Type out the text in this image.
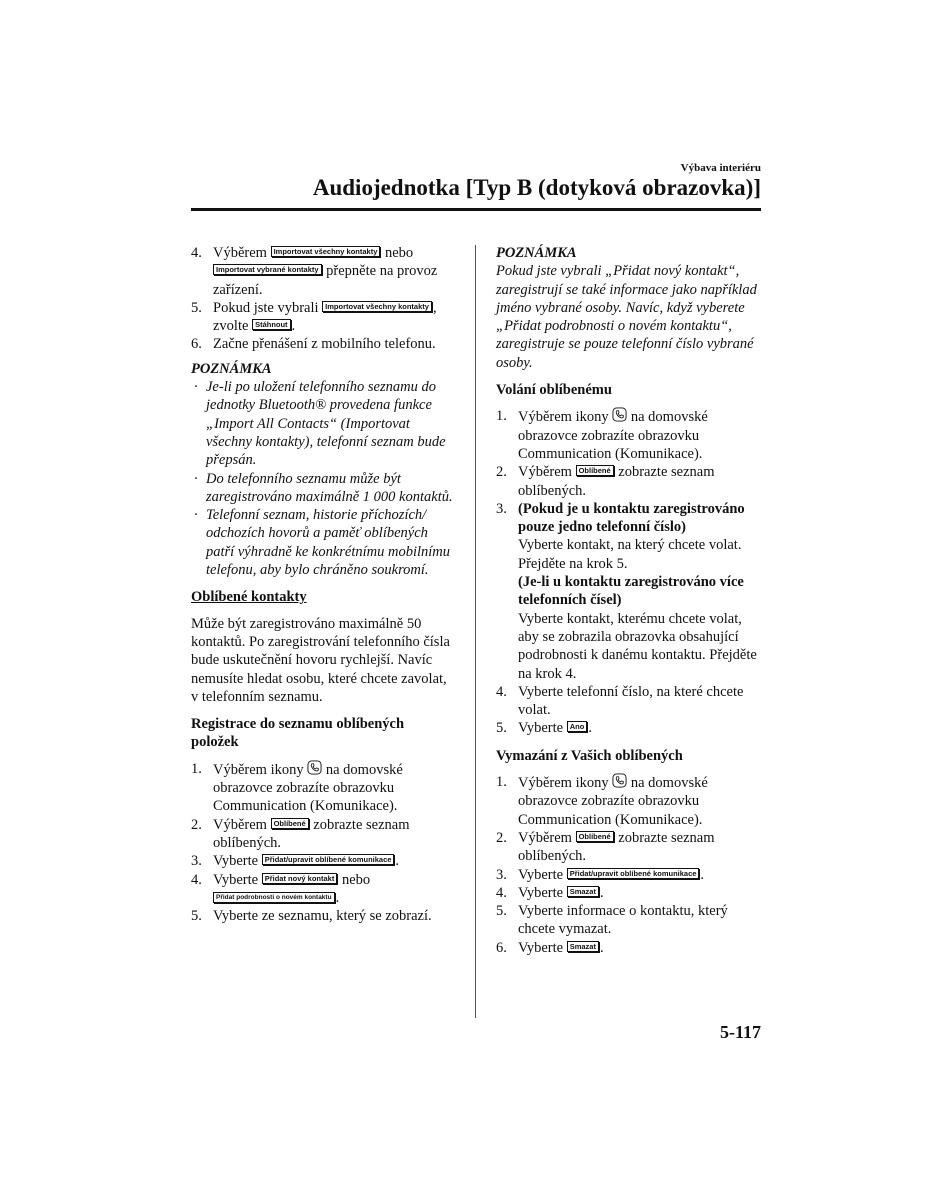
Výbava interiéru
Audiojednotka [Typ B (dotyková obrazovka)]
4. Výběrem Importovat všechny kontakty nebo
Importovat vybrané kontakty přepněte na provoz zařízení.
5. Pokud jste vybrali Importovat všechny kontakty , zvolte Stáhnout .
6. Začne přenášení z mobilního telefonu.
POZNÁMKA
· Je-li po uložení telefonního seznamu do jednotky Bluetooth® provedena funkce „Import All Contacts“ (Importovat všechny kontakty), telefonní seznam bude přepsán.
· Do telefonního seznamu může být zaregistrováno maximálně 1 000 kontaktů.
· Telefonní seznam, historie příchozích/ odchozích hovorů a paměť oblíbených patří výhradně ke konkrétnímu mobilnímu telefonu, aby bylo chráněno soukromí.
Oblíbené kontakty
Může být zaregistrováno maximálně 50 kontaktů. Po zaregistrování telefonního čísla bude uskutečnění hovoru rychlejší. Navíc nemusíte hledat osobu, které chcete zavolat, v telefonním seznamu.
Registrace do seznamu oblíbených položek
1. Výběrem ikony  na domovské obrazovce zobrazíte obrazovku Communication (Komunikace).
2. Výběrem Oblíbené zobrazte seznam oblíbených.
3. Vyberte Přidat/upravit oblíbené komunikace .
4. Vyberte Přidat nový kontakt nebo
Přidat podrobnosti o novém kontaktu .
5. Vyberte ze seznamu, který se zobrazí.
POZNÁMKA
Pokud jste vybrali „Přidat nový kontakt“, zaregistrují se také informace jako například jméno vybrané osoby. Navíc, když vyberete „Přidat podrobnosti o novém kontaktu“, zaregistruje se pouze telefonní číslo vybrané osoby.
Volání oblíbenému
1. Výběrem ikony  na domovské obrazovce zobrazíte obrazovku Communication (Komunikace).
2. Výběrem Oblíbené zobrazte seznam oblíbených.
3. (Pokud je u kontaktu zaregistrováno pouze jedno telefonní číslo)
Vyberte kontakt, na který chcete volat. Přejděte na krok 5.
(Je-li u kontaktu zaregistrováno více telefonních čísel)
Vyberte kontakt, kterému chcete volat, aby se zobrazila obrazovka obsahující podrobnosti k danému kontaktu. Přejděte na krok 4.
4. Vyberte telefonní číslo, na které chcete volat.
5. Vyberte Ano .
Vymazání z Vašich oblíbených
1. Výběrem ikony  na domovské obrazovce zobrazíte obrazovku Communication (Komunikace).
2. Výběrem Oblíbené zobrazte seznam oblíbených.
3. Vyberte Přidat/upravit oblíbené komunikace .
4. Vyberte Smazat .
5. Vyberte informace o kontaktu, který chcete vymazat.
6. Vyberte Smazat .
5-117
